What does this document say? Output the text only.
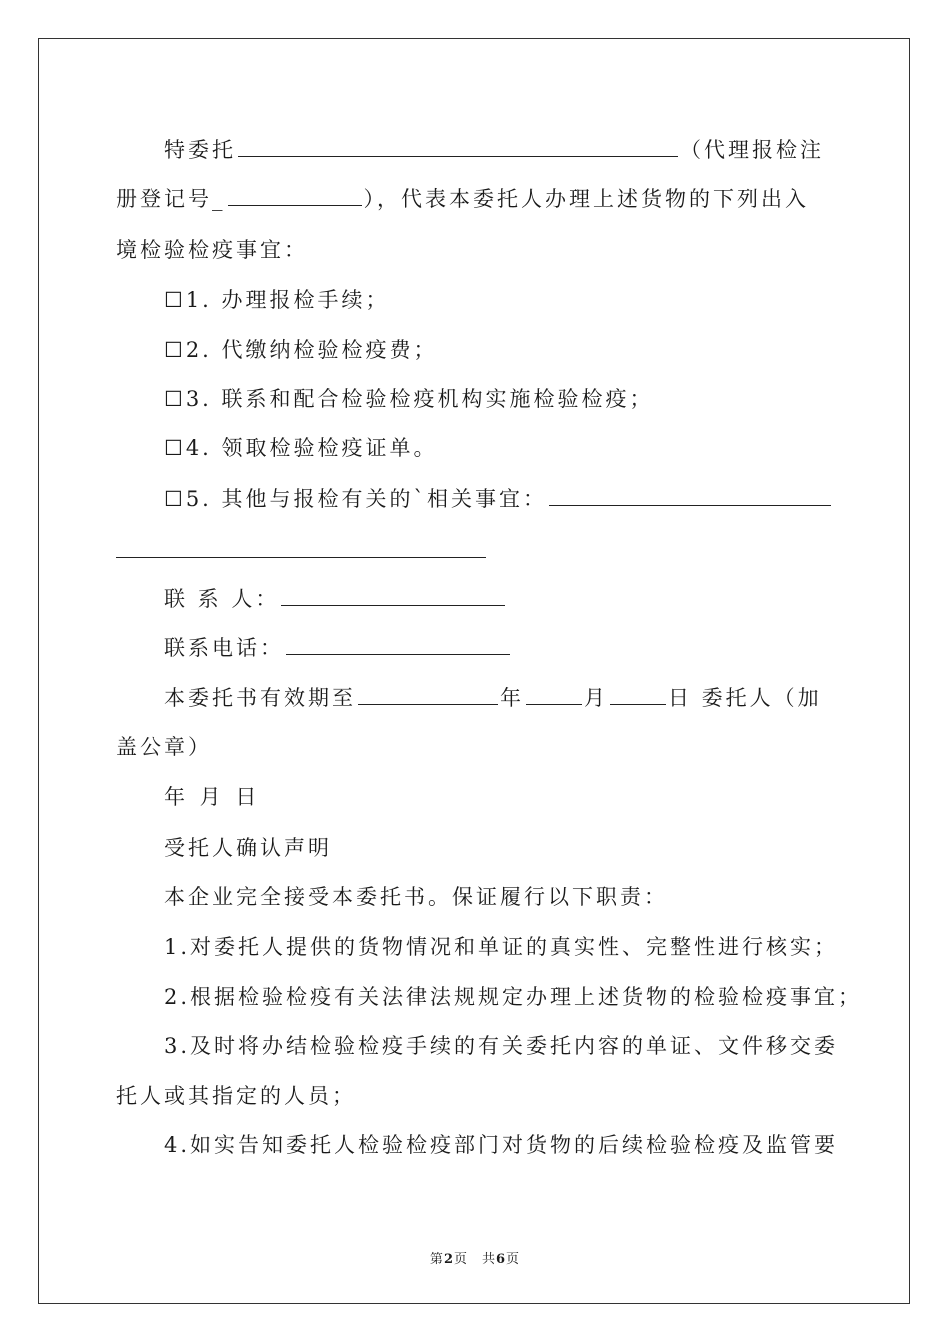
特委托	（代理报检注
册登记号_	），代表本委托人办理上述货物的下列出入
境检验检疫事宜：
☐1. 办理报检手续；
☐2. 代缴纳检验检疫费；
☐3. 联系和配合检验检疫机构实施检验检疫；
☐4. 领取检验检疫证单。
☐5. 其他与报检有关的`相关事宜：
联 系 人：
联系电话：
本委托书有效期至	年	月	日 委托人（加
盖公章）
年 月 日
受托人确认声明
本企业完全接受本委托书。保证履行以下职责：
1.对委托人提供的货物情况和单证的真实性、完整性进行核实；
2.根据检验检疫有关法律法规规定办理上述货物的检验检疫事宜；
3.及时将办结检验检疫手续的有关委托内容的单证、文件移交委
托人或其指定的人员；
4.如实告知委托人检验检疫部门对货物的后续检验检疫及监管要
第2页　共6页
